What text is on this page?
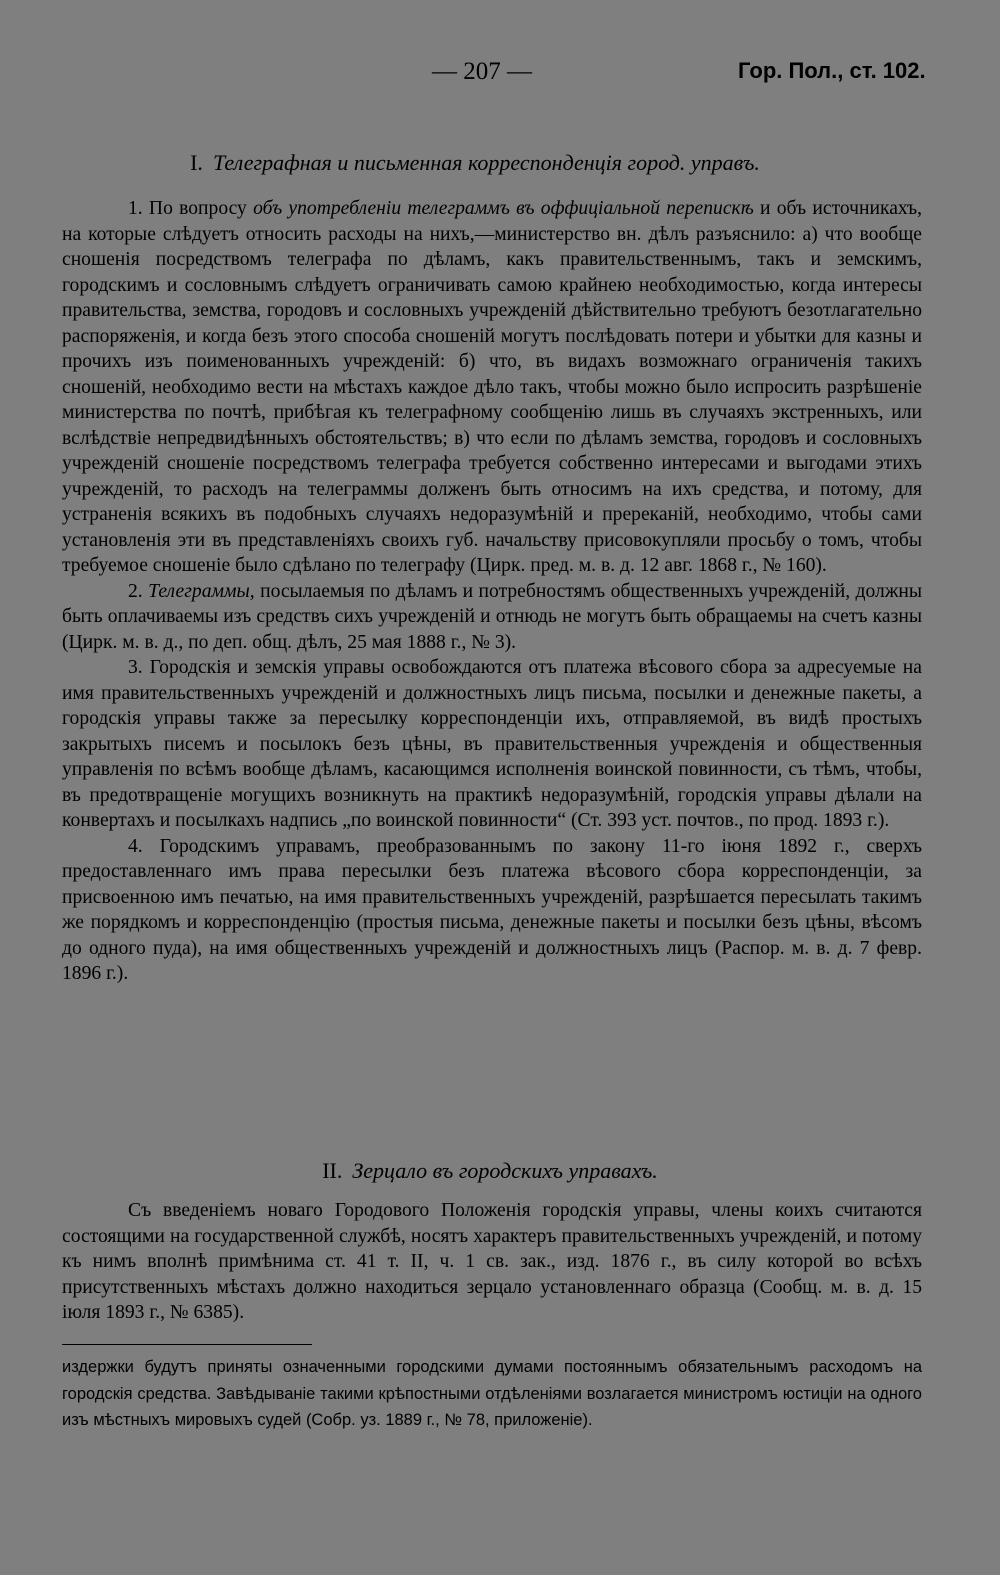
— 207 —	Гор. Пол., ст. 102.
I. Телеграфная и письменная корреспонденція город. управъ.

1. По вопросу объ употребленіи телеграммъ въ оффиціальной перепискѣ и объ источникахъ, на которые слѣдуетъ относить расходы на нихъ,—министерство вн. дѣлъ разъяснило: а) что вообще сношенія посредствомъ телеграфа по дѣламъ, какъ правительственнымъ, такъ и земскимъ, городскимъ и сословнымъ слѣдуетъ ограничивать самою крайнею необходимостью, когда интересы правительства, земства, городовъ и сословныхъ учрежденій дѣйствительно требуютъ безотлагательно распоряженія, и когда безъ этого способа сношеній могутъ послѣдовать потери и убытки для казны и прочихъ изъ поименованныхъ учрежденій: б) что, въ видахъ возможнаго ограниченія такихъ сношеній, необходимо вести на мѣстахъ каждое дѣло такъ, чтобы можно было испросить разрѣшеніе министерства по почтѣ, прибѣгая къ телеграфному сообщенію лишь въ случаяхъ экстренныхъ, или вслѣдствіе непредвидѣнныхъ обстоятельствъ; в) что если по дѣламъ земства, городовъ и сословныхъ учрежденій сношеніе посредствомъ телеграфа требуется собственно интересами и выгодами этихъ учрежденій, то расходъ на телеграммы долженъ быть относимъ на ихъ средства, и потому, для устраненія всякихъ въ подобныхъ случаяхъ недоразумѣній и пререканій, необходимо, чтобы сами установленія эти въ представленіяхъ своихъ губ. начальству присовокупляли просьбу о томъ, чтобы требуемое сношеніе было сдѣлано по телеграфу (Цирк. пред. м. в. д. 12 авг. 1868 г., № 160).

2. Телеграммы, посылаемыя по дѣламъ и потребностямъ общественныхъ учрежденій, должны быть оплачиваемы изъ средствъ сихъ учрежденій и отнюдь не могутъ быть обращаемы на счетъ казны (Цирк. м. в. д., по деп. общ. дѣлъ, 25 мая 1888 г., № 3).

3. Городскія и земскія управы освобождаются отъ платежа вѣсового сбора за адресуемые на имя правительственныхъ учрежденій и должностныхъ лицъ письма, посылки и денежные пакеты, а городскія управы также за пересылку корреспонденціи ихъ, отправляемой, въ видѣ простыхъ закрытыхъ писемъ и посылокъ безъ цѣны, въ правительственныя учрежденія и общественныя управленія по всѣмъ вообще дѣламъ, касающимся исполненія воинской повинности, съ тѣмъ, чтобы, въ предотвращеніе могущихъ возникнуть на практикѣ недоразумѣній, городскія управы дѣлали на конвертахъ и посылкахъ надпись „по воинской повинности“ (Ст. 393 уст. почтов., по прод. 1893 г.).

4. Городскимъ управамъ, преобразованнымъ по закону 11-го іюня 1892 г., сверхъ предоставленнаго имъ права пересылки безъ платежа вѣсового сбора корреспонденціи, за присвоенною имъ печатью, на имя правительственныхъ учрежденій, разрѣшается пересылать такимъ же порядкомъ и корреспонденцію (простыя письма, денежные пакеты и посылки безъ цѣны, вѣсомъ до одного пуда), на имя общественныхъ учрежденій и должностныхъ лицъ (Распор. м. в. д. 7 февр. 1896 г.).

II. Зерцало въ городскихъ управахъ.

Съ введеніемъ новаго Городового Положенія городскія управы, члены коихъ считаются состоящими на государственной службѣ, носятъ характеръ правительственныхъ учрежденій, и потому къ нимъ вполнѣ примѣнима ст. 41 т. II, ч. 1 св. зак., изд. 1876 г., въ силу которой во всѣхъ присутственныхъ мѣстахъ должно находиться зерцало установленнаго образца (Сообщ. м. в. д. 15 іюля 1893 г., № 6385).

издержки будутъ приняты означенными городскими думами постояннымъ обязательнымъ расходомъ на городскія средства. Завѣдываніе такими крѣпостными отдѣленіями возлагается министромъ юстиціи на одного изъ мѣстныхъ мировыхъ судей (Собр. уз. 1889 г., № 78, приложеніе).
